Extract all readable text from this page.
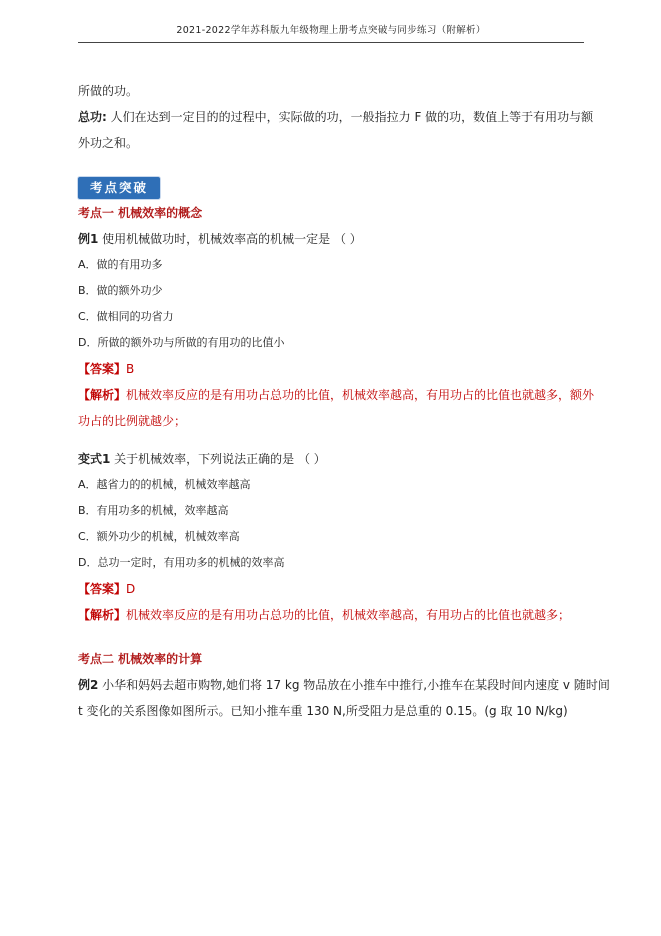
2021-2022学年苏科版九年级物理上册考点突破与同步练习（附解析）
所做的功。
总功: 人们在达到一定目的的过程中，实际做的功，一般指拉力 F 做的功，数值上等于有用功与额
外功之和。
考点突破
考点一 机械效率的概念
例1 使用机械做功时，机械效率高的机械一定是 （ ）
A．做的有用功多
B．做的额外功少
C．做相同的功省力
D．所做的额外功与所做的有用功的比值小
【答案】B
【解析】机械效率反应的是有用功占总功的比值，机械效率越高，有用功占的比值也就越多，额外
功占的比例就越少；
变式1 关于机械效率，下列说法正确的是 （ ）
A．越省力的的机械，机械效率越高
B．有用功多的机械，效率越高
C．额外功少的机械，机械效率高
D．总功一定时，有用功多的机械的效率高
【答案】D
【解析】机械效率反应的是有用功占总功的比值，机械效率越高，有用功占的比值也就越多；
考点二 机械效率的计算
例2 小华和妈妈去超市购物,她们将 17 kg 物品放在小推车中推行,小推车在某段时间内速度 v 随时间
t 变化的关系图像如图所示。已知小推车重 130 N,所受阻力是总重的 0.15。(g 取 10 N/kg)
